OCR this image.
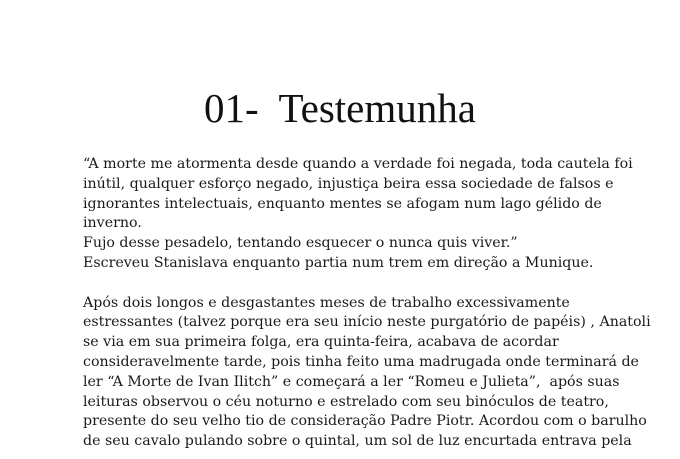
01-  Testemunha
“A morte me atormenta desde quando a verdade foi negada, toda cautela foi
inútil, qualquer esforço negado, injustiça beira essa sociedade de falsos e
ignorantes intelectuais, enquanto mentes se afogam num lago gélido de
inverno.
Fujo desse pesadelo, tentando esquecer o nunca quis viver.”
Escreveu Stanislava enquanto partia num trem em direção a Munique.
Após dois longos e desgastantes meses de trabalho excessivamente
estressantes (talvez porque era seu início neste purgatório de papéis) , Anatoli
se via em sua primeira folga, era quinta-feira, acabava de acordar
consideravelmente tarde, pois tinha feito uma madrugada onde terminará de
ler “A Morte de Ivan Ilitch” e começará a ler “Romeu e Julieta”,  após suas
leituras observou o céu noturno e estrelado com seu binóculos de teatro,
presente do seu velho tio de consideração Padre Piotr. Acordou com o barulho
de seu cavalo pulando sobre o quintal, um sol de luz encurtada entrava pela
